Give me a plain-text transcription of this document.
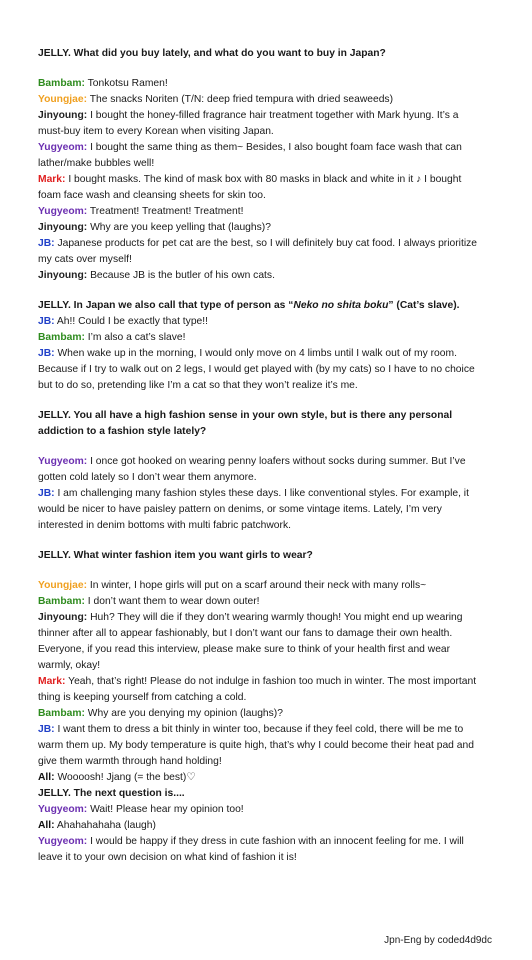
JELLY. What did you buy lately, and what do you want to buy in Japan?

Bambam: Tonkotsu Ramen!

Youngjae: The snacks Noriten (T/N: deep fried tempura with dried seaweeds)

Jinyoung: I bought the honey-filled fragrance hair treatment together with Mark hyung. It’s a must-buy item to every Korean when visiting Japan.

Yugyeom: I bought the same thing as them~ Besides, I also bought foam face wash that can lather/make bubbles well!

Mark: I bought masks. The kind of mask box with 80 masks in black and white in it ♪ I bought foam face wash and cleansing sheets for skin too.

Yugyeom: Treatment! Treatment! Treatment!

Jinyoung: Why are you keep yelling that (laughs)?

JB: Japanese products for pet cat are the best, so I will definitely buy cat food. I always prioritize my cats over myself!

Jinyoung: Because JB is the butler of his own cats.

JELLY. In Japan we also call that type of person as “Neko no shita boku” (Cat’s slave).

JB: Ah!! Could I be exactly that type!!

Bambam: I’m also a cat’s slave!

JB: When wake up in the morning, I would only move on 4 limbs until I walk out of my room. Because if I try to walk out on 2 legs, I would get played with (by my cats) so I have to no choice but to do so, pretending like I’m a cat so that they won’t realize it’s me.

JELLY. You all have a high fashion sense in your own style, but is there any personal addiction to a fashion style lately?

Yugyeom: I once got hooked on wearing penny loafers without socks during summer. But I’ve gotten cold lately so I don’t wear them anymore.

JB: I am challenging many fashion styles these days. I like conventional styles. For example, it would be nicer to have paisley pattern on denims, or some vintage items. Lately, I’m very interested in denim bottoms with multi fabric patchwork.

JELLY. What winter fashion item you want girls to wear?

Youngjae: In winter, I hope girls will put on a scarf around their neck with many rolls~

Bambam: I don’t want them to wear down outer!

Jinyoung: Huh? They will die if they don’t wearing warmly though! You might end up wearing thinner after all to appear fashionably, but I don’t want our fans to damage their own health. Everyone, if you read this interview, please make sure to think of your health first and wear warmly, okay!

Mark: Yeah, that’s right! Please do not indulge in fashion too much in winter. The most important thing is keeping yourself from catching a cold.

Bambam: Why are you denying my opinion (laughs)?

JB: I want them to dress a bit thinly in winter too, because if they feel cold, there will be me to warm them up. My body temperature is quite high, that’s why I could become their heat pad and give them warmth through hand holding!

All: Woooosh! Jjang (= the best)♡

JELLY. The next question is....

Yugyeom: Wait! Please hear my opinion too!

All: Ahahahahaha (laugh)

Yugyeom: I would be happy if they dress in cute fashion with an innocent feeling for me. I will leave it to your own decision on what kind of fashion it is!

Jpn-Eng by coded4d9dc
